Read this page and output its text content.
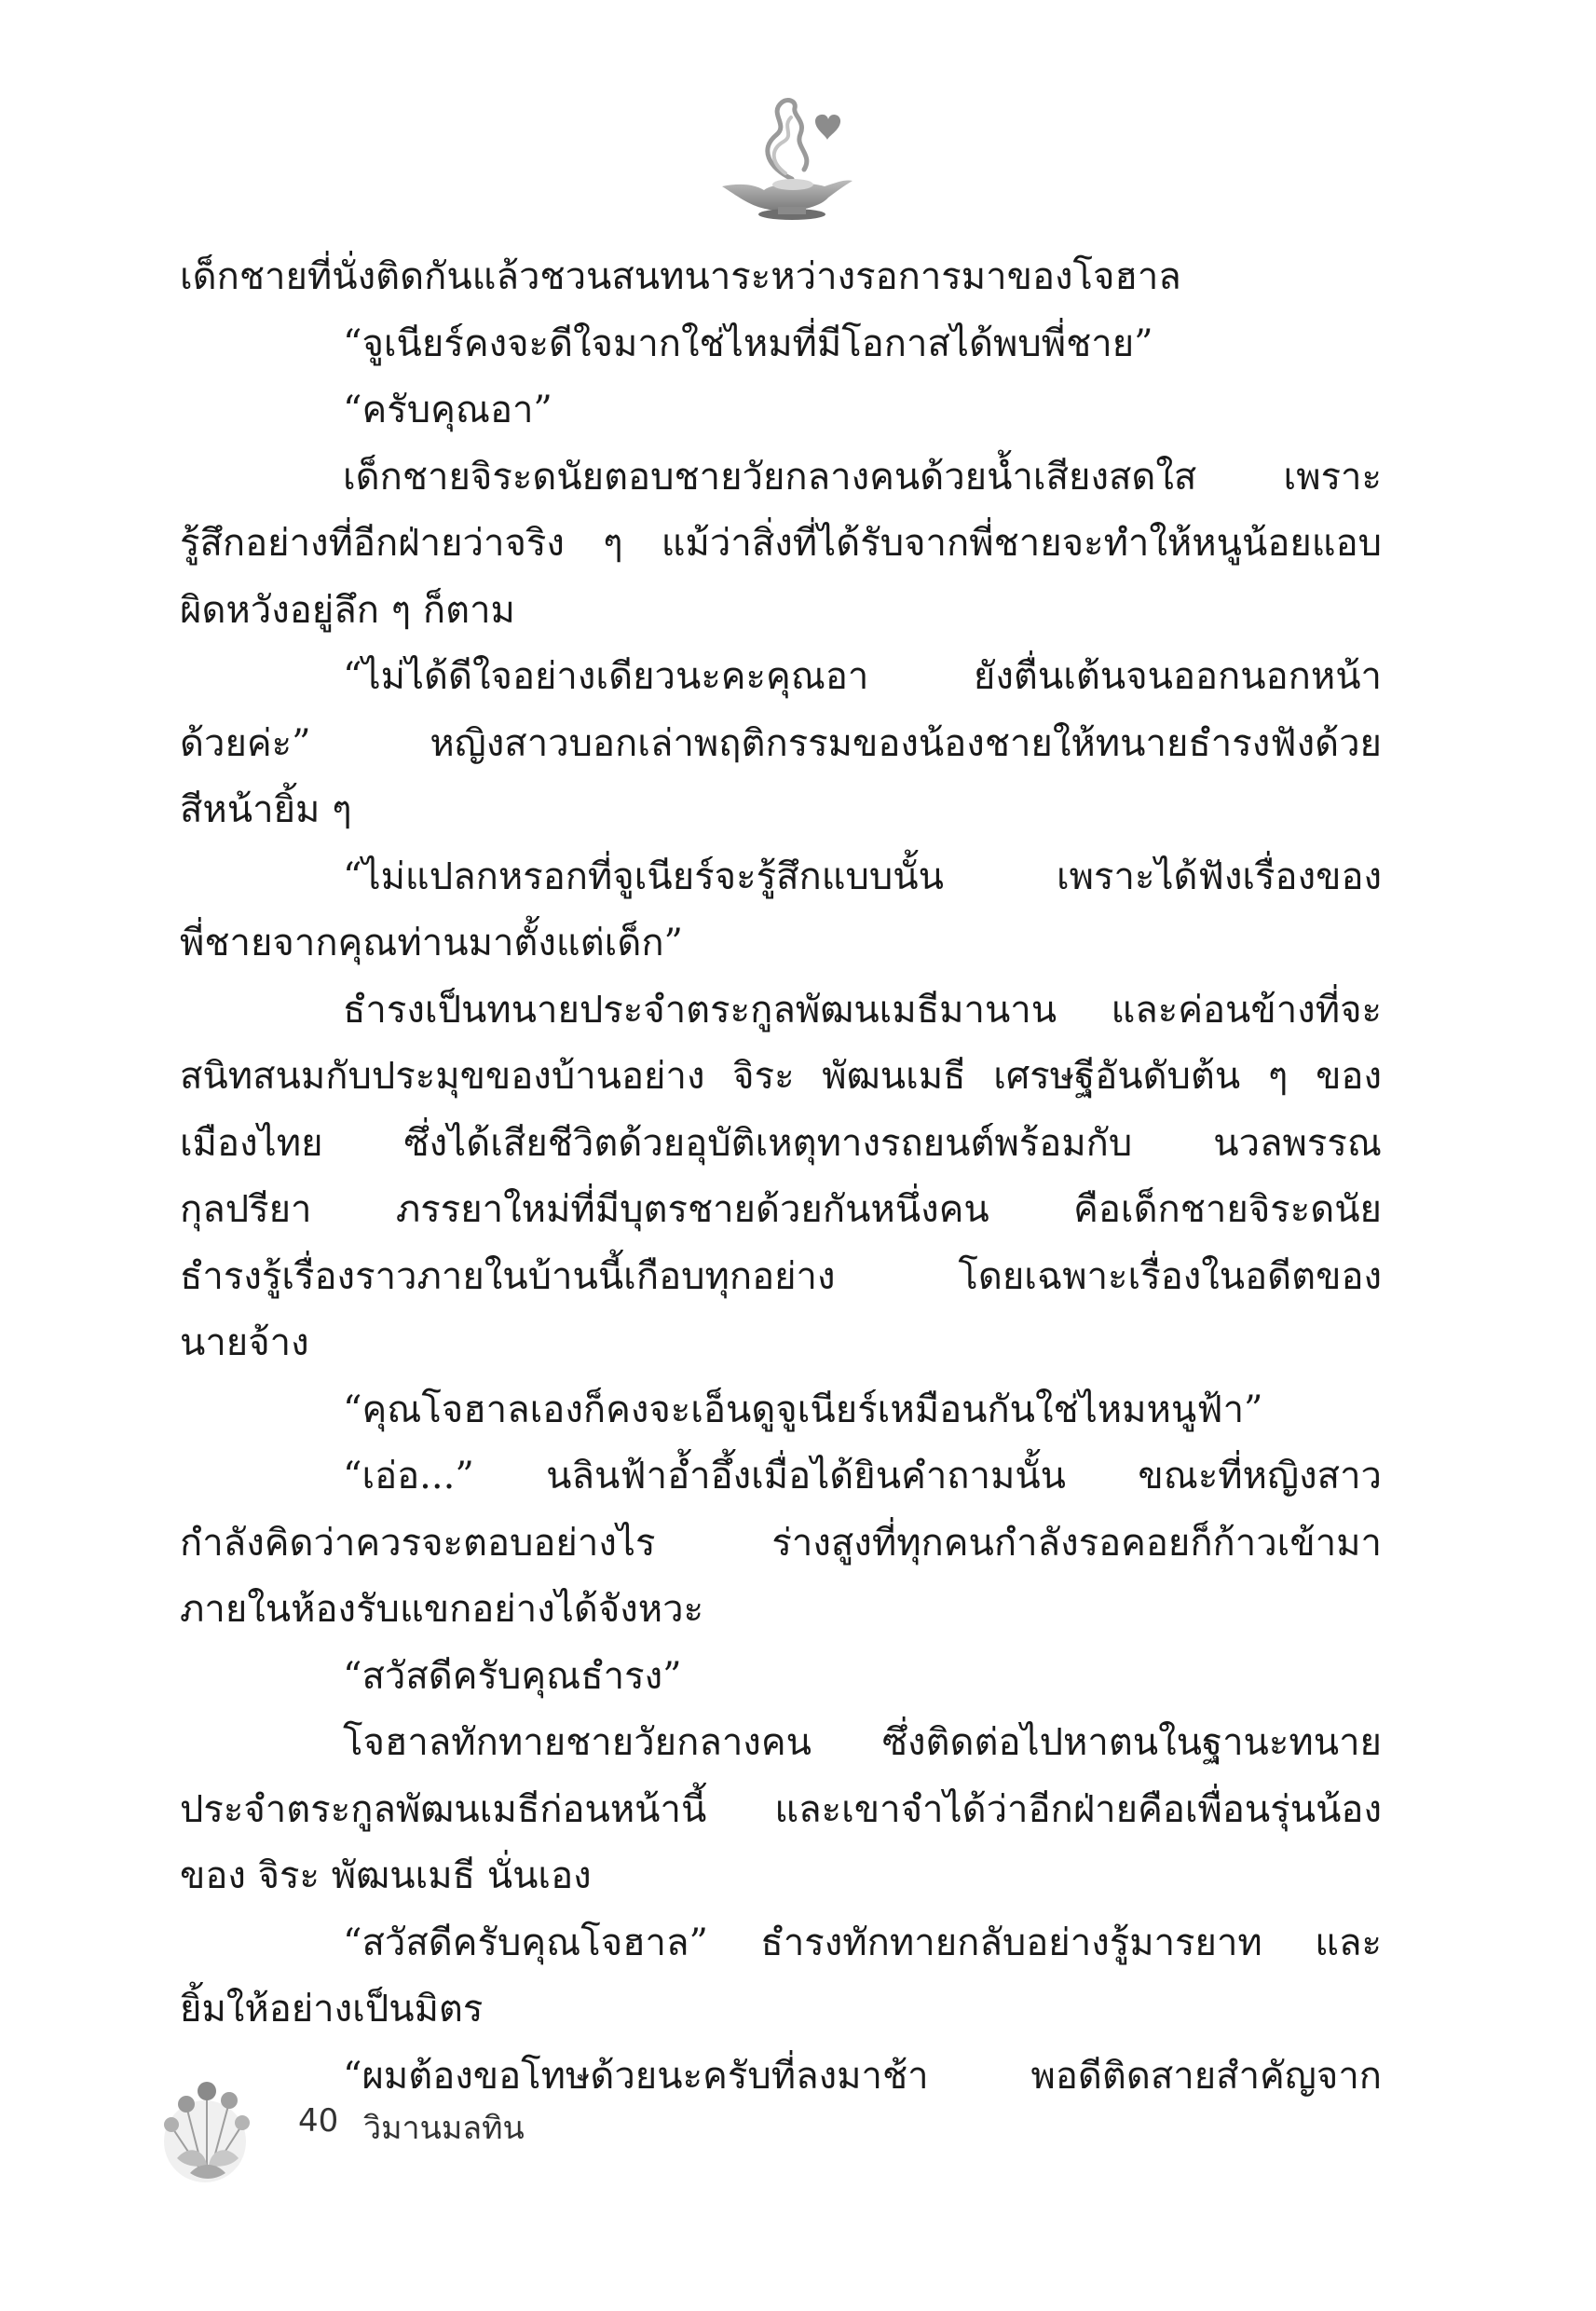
เด็กชายที่นั่งติดกันแล้วชวนสนทนาระหว่างรอการมาของโจฮาล
“จูเนียร์คงจะดีใจมากใช่ไหมที่มีโอกาสได้พบพี่ชาย”
“ครับคุณอา”
เด็กชายจิระดนัยตอบชายวัยกลางคนด้วยน้ำเสียงสดใส เพราะ
รู้สึกอย่างที่อีกฝ่ายว่าจริง ๆ แม้ว่าสิ่งที่ได้รับจากพี่ชายจะทำให้หนูน้อยแอบ
ผิดหวังอยู่ลึก ๆ ก็ตาม
“ไม่ได้ดีใจอย่างเดียวนะคะคุณอา ยังตื่นเต้นจนออกนอกหน้า
ด้วยค่ะ” หญิงสาวบอกเล่าพฤติกรรมของน้องชายให้ทนายธำรงฟังด้วย
สีหน้ายิ้ม ๆ
“ไม่แปลกหรอกที่จูเนียร์จะรู้สึกแบบนั้น เพราะได้ฟังเรื่องของ
พี่ชายจากคุณท่านมาตั้งแต่เด็ก”
ธำรงเป็นทนายประจำตระกูลพัฒนเมธีมานาน และค่อนข้างที่จะ
สนิทสนมกับประมุขของบ้านอย่าง จิระ พัฒนเมธี เศรษฐีอันดับต้น ๆ ของ
เมืองไทย ซึ่งได้เสียชีวิตด้วยอุบัติเหตุทางรถยนต์พร้อมกับ นวลพรรณ
กุลปรียา ภรรยาใหม่ที่มีบุตรชายด้วยกันหนึ่งคน คือเด็กชายจิระดนัย
ธำรงรู้เรื่องราวภายในบ้านนี้เกือบทุกอย่าง โดยเฉพาะเรื่องในอดีตของ
นายจ้าง
“คุณโจฮาลเองก็คงจะเอ็นดูจูเนียร์เหมือนกันใช่ไหมหนูฟ้า”
“เอ่อ...” นลินฟ้าอ้ำอึ้งเมื่อได้ยินคำถามนั้น ขณะที่หญิงสาว
กำลังคิดว่าควรจะตอบอย่างไร ร่างสูงที่ทุกคนกำลังรอคอยก็ก้าวเข้ามา
ภายในห้องรับแขกอย่างได้จังหวะ
“สวัสดีครับคุณธำรง”
โจฮาลทักทายชายวัยกลางคน ซึ่งติดต่อไปหาตนในฐานะทนาย
ประจำตระกูลพัฒนเมธีก่อนหน้านี้ และเขาจำได้ว่าอีกฝ่ายคือเพื่อนรุ่นน้อง
ของ จิระ พัฒนเมธี นั่นเอง
“สวัสดีครับคุณโจฮาล” ธำรงทักทายกลับอย่างรู้มารยาท และ
ยิ้มให้อย่างเป็นมิตร
“ผมต้องขอโทษด้วยนะครับที่ลงมาช้า พอดีติดสายสำคัญจาก
40 วิมานมลทิน
